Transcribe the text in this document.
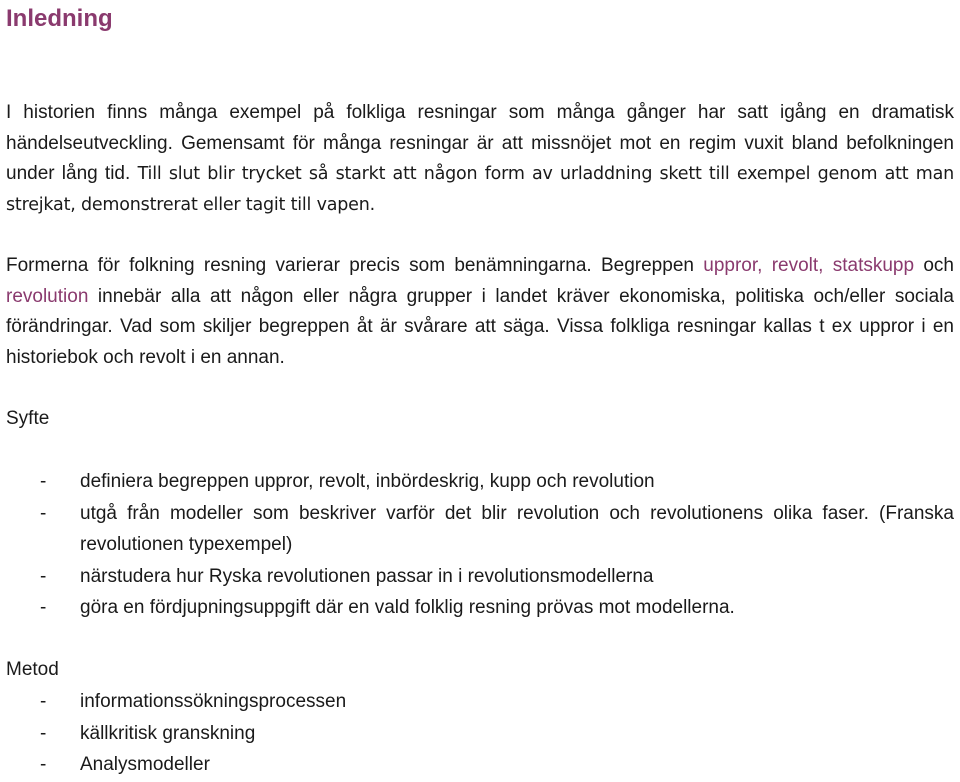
Inledning

I historien finns många exempel på folkliga resningar som många gånger har satt igång en dramatisk händelseutveckling. Gemensamt för många resningar är att missnöjet mot en regim vuxit bland befolkningen under lång tid. Till slut blir trycket så starkt att någon form av urladdning skett till exempel genom att man strejkat, demonstrerat eller tagit till vapen.

Formerna för folkning resning varierar precis som benämningarna. Begreppen uppror, revolt, statskupp och revolution innebär alla att någon eller några grupper i landet kräver ekonomiska, politiska och/eller sociala förändringar. Vad som skiljer begreppen åt är svårare att säga. Vissa folkliga resningar kallas t ex uppror i en historiebok och revolt i en annan.

Syfte
- definiera begreppen uppror, revolt, inbördeskrig, kupp och revolution
- utgå från modeller som beskriver varför det blir revolution och revolutionens olika faser. (Franska revolutionen typexempel)
- närstudera hur Ryska revolutionen passar in i revolutionsmodellerna
- göra en fördjupningsuppgift där en vald folklig resning prövas mot modellerna.
Metod
- informationssökningsprocessen
- källkritisk granskning
- Analysmodeller
